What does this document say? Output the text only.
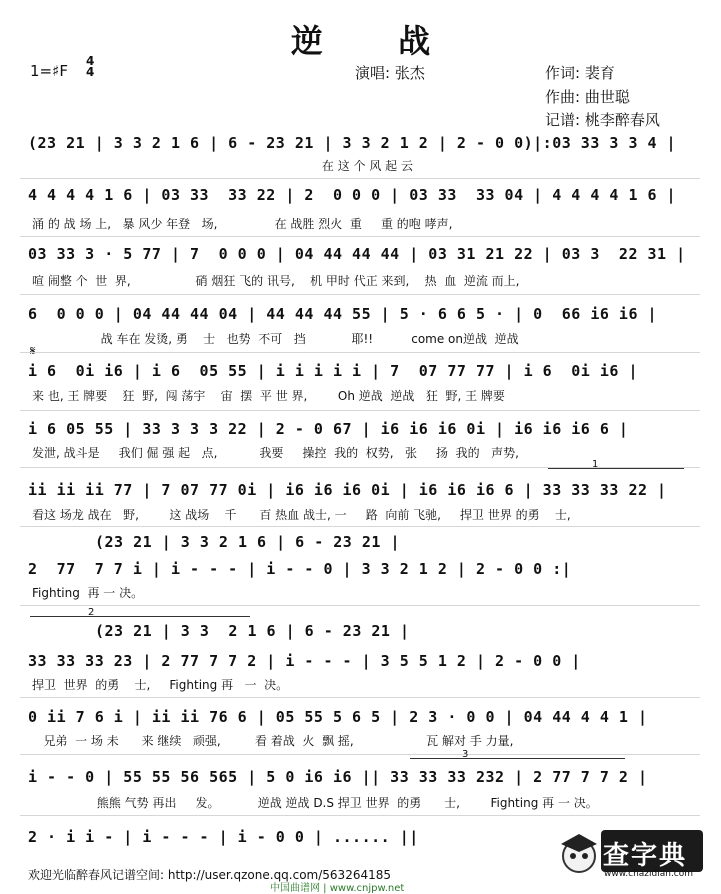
逆 战
1=♯F
4
4	演唱: 张杰	作词: 裴育
作曲: 曲世聪
记谱: 桃李醉春风
(23 21 | 3 3 2 1 6 | 6 - 23 21 | 3 3 2 1 2 | 2 - 0 0)|:03 33 3 3 4 |
在 这 个 风 起 云
4 4 4 4 1 6 | 03 33  33 22 | 2  0 0 0 | 03 33  33 04 | 4 4 4 4 1 6 |
涌 的 战 场 上,   暴 风少 年登   场,               在 战胜 烈火  重     重 的咆 哮声,
03 33 3 · 5 77 | 7  0 0 0 | 04 44 44 44 | 03 31 21 22 | 03 3  22 31 |
喧 闹整 个  世  界,                 硝 烟狂 飞的 讯号,    机 甲时 代正 来到,    热  血  逆流 而上,
6  0 0 0 | 04 44 44 04 | 44 44 44 55 | 5 · 6 6 5 · | 0  66 i6 i6 |
战 车在 发烫, 勇    士   也势  不可   挡            耶!!          come on逆战  逆战
i 6  0i i6 | i 6  05 55 | i i i i i | 7  07 77 77 | i 6  0i i6 |
来 也, 王 牌要    狂  野,  闯 荡宇    宙  摆  平 世 界,        Oh 逆战  逆战   狂  野, 王 牌要
i 6 05 55 | 33 3 3 3 22 | 2 - 0 67 | i6 i6 i6 0i | i6 i6 i6 6 |
发泄, 战斗是     我们 倔 强 起   点,           我要     操控  我的  权势,   张     扬  我的   声势,
1
ii ii ii 77 | 7 07 77 0i | i6 i6 i6 0i | i6 i6 i6 6 | 33 33 33 22 |
看这 场龙 战在   野,        这 战场    千      百 热血 战士, 一     路  向前 飞驰,     捍卫 世界 的勇    士,
(23 21 | 3 3 2 1 6 | 6 - 23 21 |
2  77  7 7 i | i - - - | i - - 0 | 3 3 2 1 2 | 2 - 0 0 :|
Fighting  再 一 决。
2
(23 21 | 3 3  2 1 6 | 6 - 23 21 |
33 33 33 23 | 2 77 7 7 2 | i - - - | 3 5 5 1 2 | 2 - 0 0 |
捍卫  世界  的勇    士,     Fighting 再   一  决。
0 ii 7 6 i | ii ii 76 6 | 05 55 5 6 5 | 2 3 · 0 0 | 04 44 4 4 1 |
兄弟  一 场 未      来 继续   顽强,         看 着战  火  飘 摇,                   瓦 解对 手 力量,
3
i - - 0 | 55 55 56 565 | 5 0 i6 i6 || 33 33 33 232 | 2 77 7 7 2 |
熊熊 气势 再出     发。          逆战 逆战 D.S 捍卫 世界  的勇      士,        Fighting 再 一 决。
2 · i i - | i - - - | i - 0 0 | ...... ||
欢迎光临醉春风记谱空间: http://user.qzone.qq.com/563264185
中国曲谱网 | www.cnjpw.net
查字典
www.chazidian.com
